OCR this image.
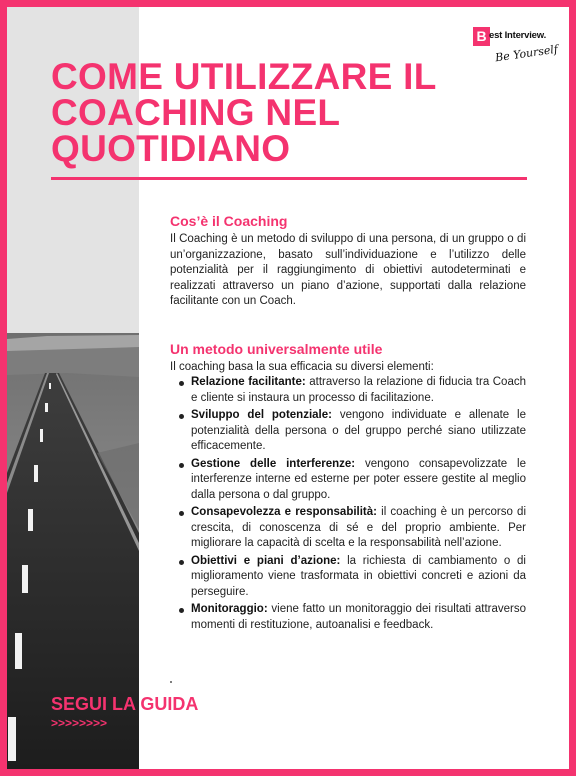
B est Interview.
Be Yourself
COME UTILIZZARE IL
COACHING NEL
QUOTIDIANO
Cos’è il Coaching

Il Coaching è un metodo di sviluppo di una persona, di un gruppo o di un’organizzazione, basato sull’individuazione e l’utilizzo delle potenzialità per il raggiungimento di obiettivi autodeterminati e realizzati attraverso un piano d’azione, supportati dalla relazione facilitante con un Coach.

Un metodo universalmente utile

Il coaching basa la sua efficacia su diversi elementi:

Relazione facilitante: attraverso la relazione di fiducia tra Coach e cliente si instaura un processo di facilitazione.
Sviluppo del potenziale: vengono individuate e allenate le potenzialità della persona o del gruppo perché siano utilizzate efficacemente.
Gestione delle interferenze: vengono consapevolizzate le interferenze interne ed esterne per poter essere gestite al meglio dalla persona o dal gruppo.
Consapevolezza e responsabilità: il coaching è un percorso di crescita, di conoscenza di sé e del proprio ambiente. Per migliorare la capacità di scelta e la responsabilità nell’azione.
Obiettivi e piani d’azione: la richiesta di cambiamento o di miglioramento viene trasformata in obiettivi concreti e azioni da perseguire.
Monitoraggio: viene fatto un monitoraggio dei risultati attraverso momenti di restituzione, autoanalisi e feedback.
SEGUI LA GUIDA
>>>>>>>>
